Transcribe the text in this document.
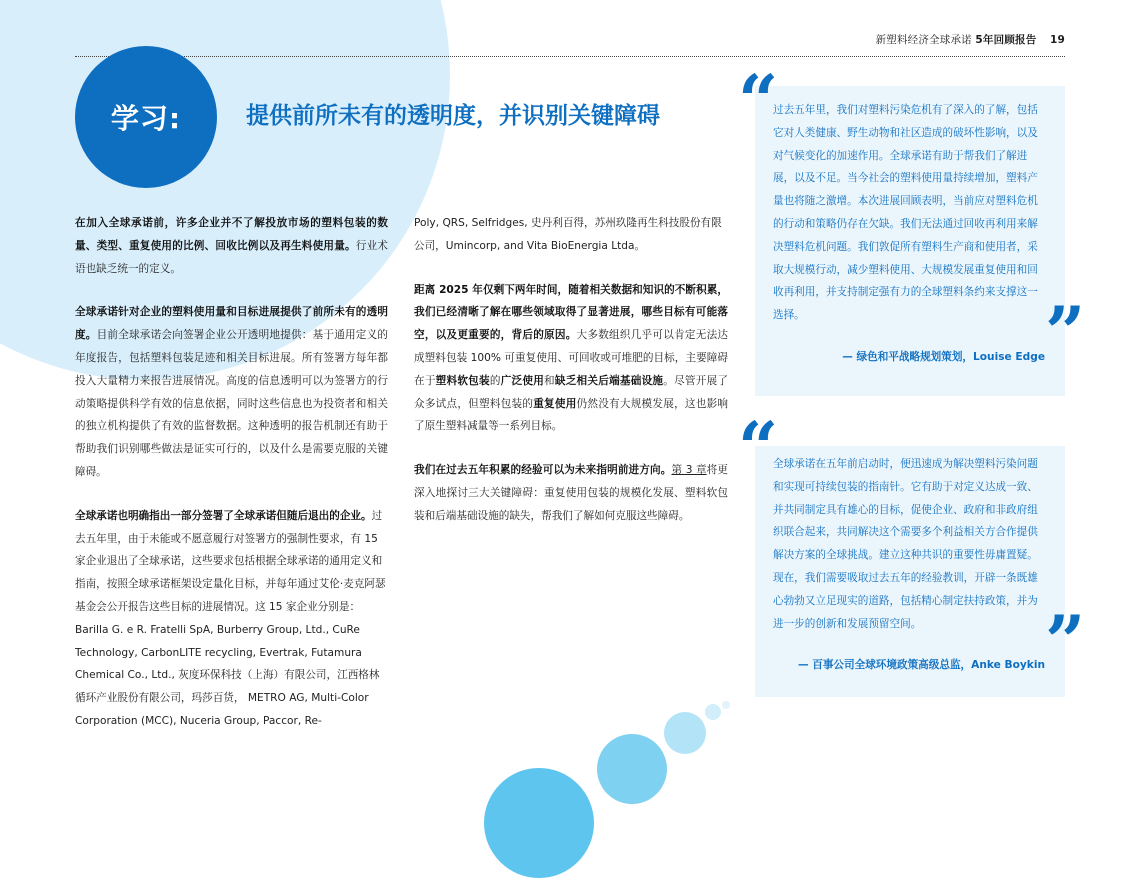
新塑料经济全球承诺 5年回顾报告 19
学习:	提供前所未有的透明度，并识别关键障碍

在加入全球承诺前，许多企业并不了解投放市场的塑料包装的数量、类型、重复使用的比例、回收比例以及再生料使用量。行业术语也缺乏统一的定义。

全球承诺针对企业的塑料使用量和目标进展提供了前所未有的透明度。目前全球承诺会向签署企业公开透明地提供：基于通用定义的年度报告，包括塑料包装足迹和相关目标进展。所有签署方每年都投入大量精力来报告进展情况。高度的信息透明可以为签署方的行动策略提供科学有效的信息依据，同时这些信息也为投资者和相关的独立机构提供了有效的监督数据。这种透明的报告机制还有助于帮助我们识别哪些做法是证实可行的，以及什么是需要克服的关键障碍。

全球承诺也明确指出一部分签署了全球承诺但随后退出的企业。过去五年里，由于未能或不愿意履行对签署方的强制性要求，有 15 家企业退出了全球承诺，这些要求包括根据全球承诺的通用定义和指南，按照全球承诺框架设定量化目标，并每年通过艾伦·麦克阿瑟基金会公开报告这些目标的进展情况。这 15 家企业分别是：Barilla G. e R. Fratelli SpA, Burberry Group, Ltd., CuRe Technology, CarbonLITE recycling, Evertrak, Futamura Chemical Co., Ltd., 灰度环保科技（上海）有限公司，江西格林循环产业股份有限公司，玛莎百货， METRO AG, Multi-Color Corporation (MCC), Nuceria Group, Paccor, Re-

Poly, QRS, Selfridges, 史丹利百得，苏州玖隆再生科技股份有限公司，Umincorp, and Vita BioEnergia Ltda。

距离 2025 年仅剩下两年时间，随着相关数据和知识的不断积累，我们已经清晰了解在哪些领域取得了显著进展，哪些目标有可能落空，以及更重要的，背后的原因。大多数组织几乎可以肯定无法达成塑料包装 100% 可重复使用、可回收或可堆肥的目标，主要障碍在于塑料软包装的广泛使用和缺乏相关后端基础设施。尽管开展了众多试点，但塑料包装的重复使用仍然没有大规模发展，这也影响了原生塑料减量等一系列目标。

我们在过去五年积累的经验可以为未来指明前进方向。第 3 章将更深入地探讨三大关键障碍：重复使用包装的规模化发展、塑料软包装和后端基础设施的缺失，帮我们了解如何克服这些障碍。

过去五年里，我们对塑料污染危机有了深入的了解，包括它对人类健康、野生动物和社区造成的破坏性影响，以及对气候变化的加速作用。全球承诺有助于帮我们了解进展，以及不足。当今社会的塑料使用量持续增加，塑料产量也将随之激增。本次进展回顾表明，当前应对塑料危机的行动和策略仍存在欠缺。我们无法通过回收再利用来解决塑料危机问题。我们敦促所有塑料生产商和使用者，采取大规模行动，减少塑料使用、大规模发展重复使用和回收再利用，并支持制定强有力的全球塑料条约来支撑这一选择。
— 绿色和平战略规划策划，Louise Edge
“
”
全球承诺在五年前启动时，便迅速成为解决塑料污染问题和实现可持续包装的指南针。它有助于对定义达成一致、并共同制定具有雄心的目标，促使企业、政府和非政府组织联合起来，共同解决这个需要多个利益相关方合作提供解决方案的全球挑战。建立这种共识的重要性毋庸置疑。现在，我们需要吸取过去五年的经验教训，开辟一条既雄心勃勃又立足现实的道路，包括精心制定扶持政策，并为进一步的创新和发展预留空间。
— 百事公司全球环境政策高级总监，Anke Boykin
“
”
